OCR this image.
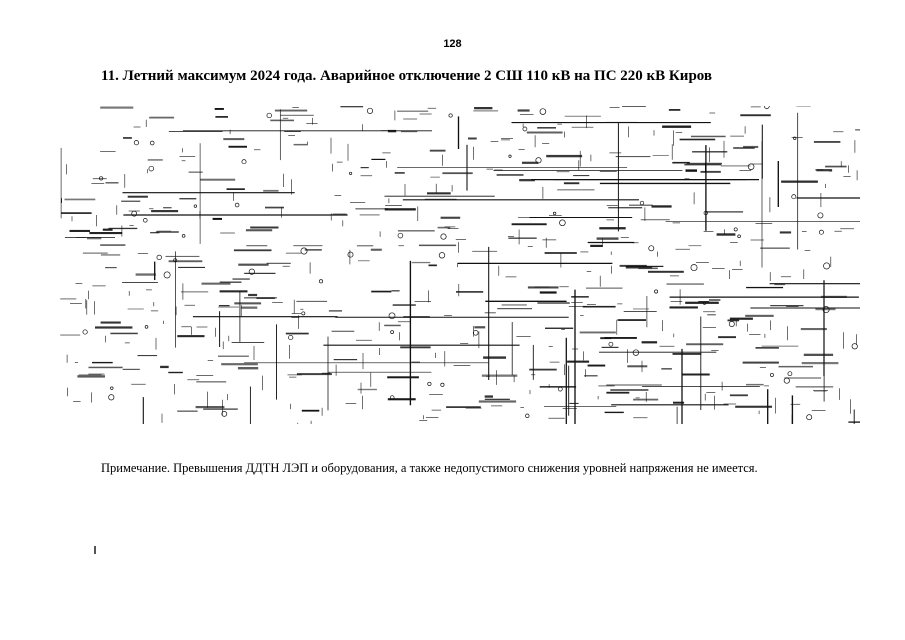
128
11. Летний максимум 2024 года. Аварийное отключение 2 СШ 110 кВ на ПС 220 кВ Киров
Примечание. Превышения ДДТН ЛЭП и оборудования, а также недопустимого снижения уровней напряжения не имеется.
